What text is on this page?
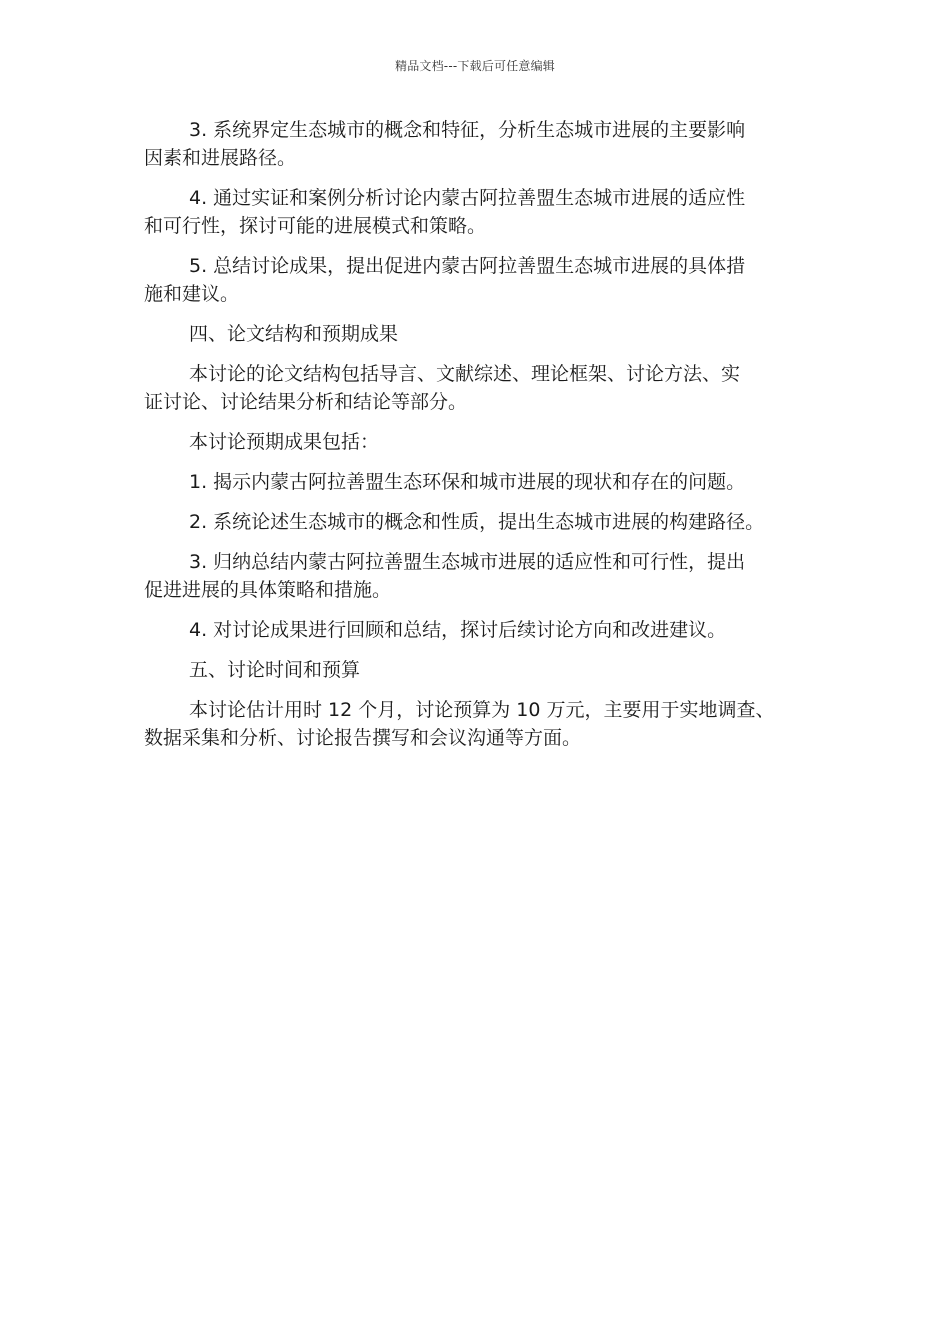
精品文档---下载后可任意编辑

3. 系统界定生态城市的概念和特征，分析生态城市进展的主要影响
因素和进展路径。

4. 通过实证和案例分析讨论内蒙古阿拉善盟生态城市进展的适应性
和可行性，探讨可能的进展模式和策略。

5. 总结讨论成果，提出促进内蒙古阿拉善盟生态城市进展的具体措
施和建议。

四、论文结构和预期成果

本讨论的论文结构包括导言、文献综述、理论框架、讨论方法、实
证讨论、讨论结果分析和结论等部分。

本讨论预期成果包括：

1. 揭示内蒙古阿拉善盟生态环保和城市进展的现状和存在的问题。

2. 系统论述生态城市的概念和性质，提出生态城市进展的构建路径。

3. 归纳总结内蒙古阿拉善盟生态城市进展的适应性和可行性，提出
促进进展的具体策略和措施。

4. 对讨论成果进行回顾和总结，探讨后续讨论方向和改进建议。

五、讨论时间和预算

本讨论估计用时 12 个月，讨论预算为 10 万元，主要用于实地调查、
数据采集和分析、讨论报告撰写和会议沟通等方面。
